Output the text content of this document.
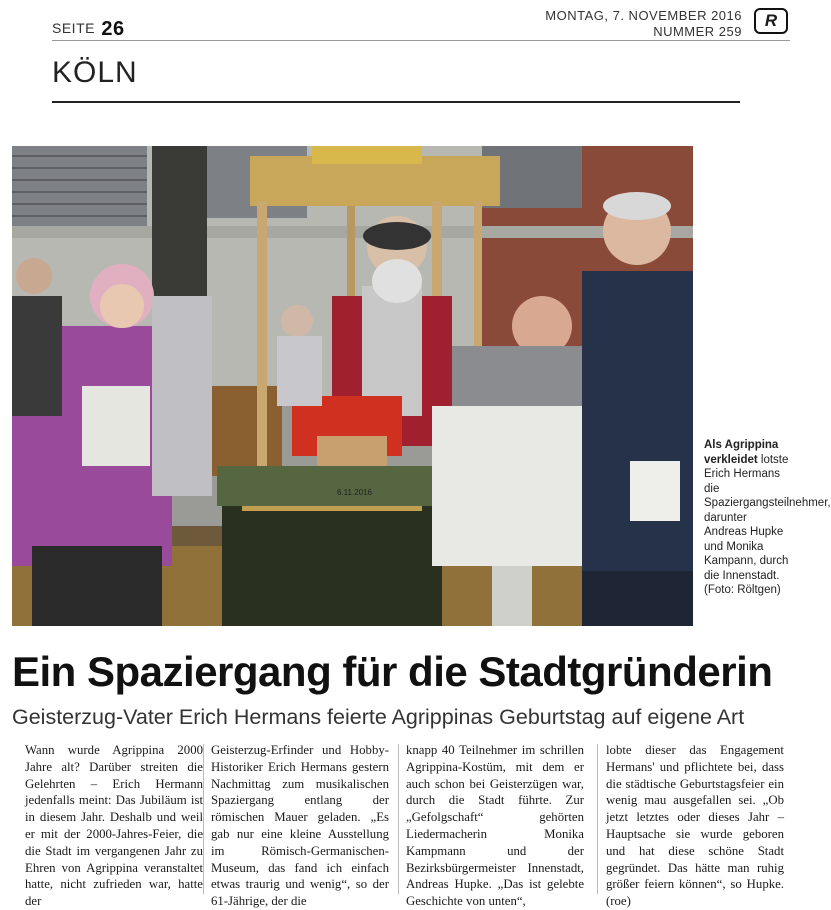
SEITE 26
MONTAG, 7. NOVEMBER 2016
NUMMER 259
R
KÖLN
6.11.2016
Als Agrippina verkleidet lotste Erich Hermans die Spaziergangsteilnehmer, darunter Andreas Hupke und Monika Kampann, durch die Innenstadt. (Foto: Röltgen)
Ein Spaziergang für die Stadtgründerin
Geisterzug-Vater Erich Hermans feierte Agrippinas Geburtstag auf eigene Art

Wann wurde Agrippina 2000 Jahre alt? Darüber streiten die Gelehrten – Erich Hermann jedenfalls meint: Das Jubiläum ist in diesem Jahr. Deshalb und weil er mit der 2000-Jahres-Feier, die die Stadt im vergangenen Jahr zu Ehren von Agrippina veranstaltet hatte, nicht zufrieden war, hatte der

Geisterzug-Erfinder und Hobby-Historiker Erich Hermans gestern Nachmittag zum musikalischen Spaziergang entlang der römischen Mauer geladen. „Es gab nur eine kleine Ausstellung im Römisch-Germanischen-Museum, das fand ich einfach etwas traurig und wenig“, so der 61-Jährige, der die

knapp 40 Teilnehmer im schrillen Agrippina-Kostüm, mit dem er auch schon bei Geisterzügen war, durch die Stadt führte. Zur „Gefolgschaft“ gehörten Liedermacherin Monika Kampmann und der Bezirksbürgermeister Innenstadt, Andreas Hupke. „Das ist gelebte Geschichte von unten“,

lobte dieser das Engagement Hermans' und pflichtete bei, dass die städtische Geburtstagsfeier ein wenig mau ausgefallen sei. „Ob jetzt letztes oder dieses Jahr – Hauptsache sie wurde geboren und hat diese schöne Stadt gegründet. Das hätte man ruhig größer feiern können“, so Hupke. (roe)
